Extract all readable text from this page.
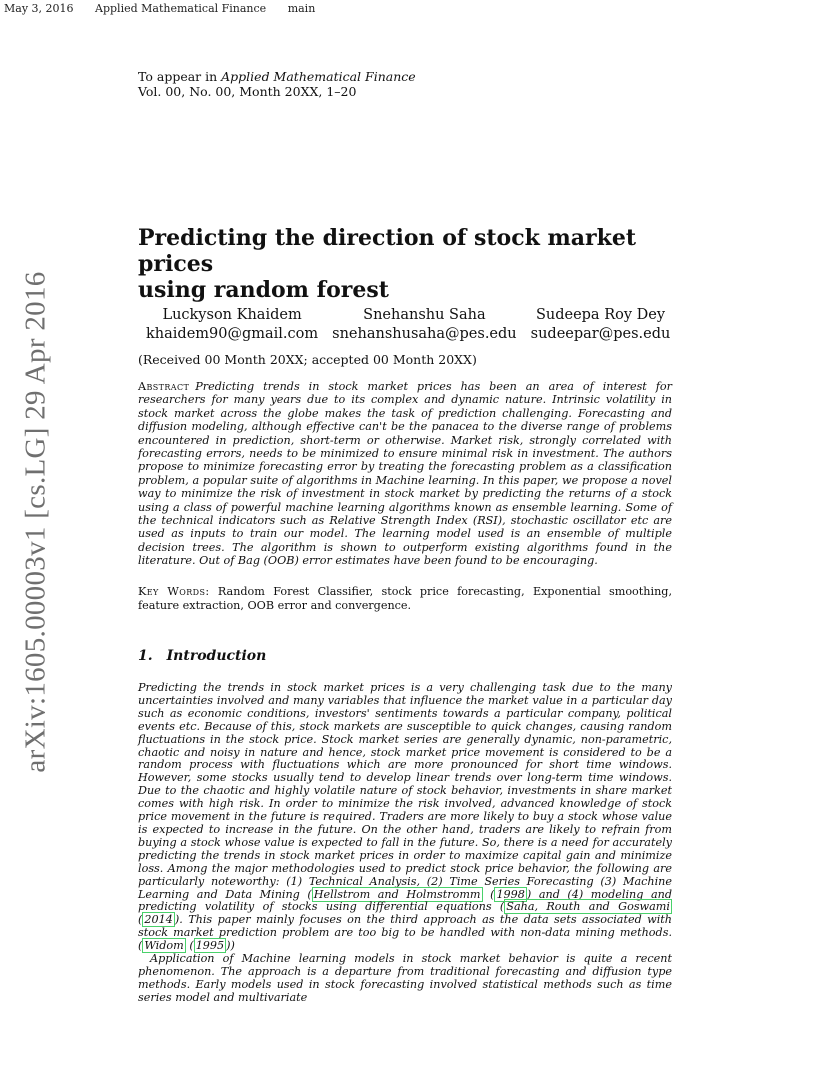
May 3, 2016 Applied Mathematical Finance main
arXiv:1605.00003v1 [cs.LG] 29 Apr 2016
To appear in Applied Mathematical Finance
Vol. 00, No. 00, Month 20XX, 1–20
Predicting the direction of stock market prices
using random forest
Luckyson Khaidem
khaidem90@gmail.com
Snehanshu Saha
snehanshusaha@pes.edu
Sudeepa Roy Dey
sudeepar@pes.edu
(Received 00 Month 20XX; accepted 00 Month 20XX)

Abstract Predicting trends in stock market prices has been an area of interest for researchers for many years due to its complex and dynamic nature. Intrinsic volatility in stock market across the globe makes the task of prediction challenging. Forecasting and diffusion modeling, although effective can't be the panacea to the diverse range of problems encountered in prediction, short-term or otherwise. Market risk, strongly correlated with forecasting errors, needs to be minimized to ensure minimal risk in investment. The authors propose to minimize forecasting error by treating the forecasting problem as a classification problem, a popular suite of algorithms in Machine learning. In this paper, we propose a novel way to minimize the risk of investment in stock market by predicting the returns of a stock using a class of powerful machine learning algorithms known as ensemble learning. Some of the technical indicators such as Relative Strength Index (RSI), stochastic oscillator etc are used as inputs to train our model. The learning model used is an ensemble of multiple decision trees. The algorithm is shown to outperform existing algorithms found in the literature. Out of Bag (OOB) error estimates have been found to be encouraging.

Key Words: Random Forest Classifier, stock price forecasting, Exponential smoothing, feature extraction, OOB error and convergence.

1. Introduction

Predicting the trends in stock market prices is a very challenging task due to the many uncertainties involved and many variables that influence the market value in a particular day such as economic conditions, investors' sentiments towards a particular company, political events etc. Because of this, stock markets are susceptible to quick changes, causing random fluctuations in the stock price. Stock market series are generally dynamic, non-parametric, chaotic and noisy in nature and hence, stock market price movement is considered to be a random process with fluctuations which are more pronounced for short time windows. However, some stocks usually tend to develop linear trends over long-term time windows. Due to the chaotic and highly volatile nature of stock behavior, investments in share market comes with high risk. In order to minimize the risk involved, advanced knowledge of stock price movement in the future is required. Traders are more likely to buy a stock whose value is expected to increase in the future. On the other hand, traders are likely to refrain from buying a stock whose value is expected to fall in the future. So, there is a need for accurately predicting the trends in stock market prices in order to maximize capital gain and minimize loss. Among the major methodologies used to predict stock price behavior, the following are particularly noteworthy: (1) Technical Analysis, (2) Time Series Forecasting (3) Machine Learning and Data Mining ( Hellstrom and Holmstromm ( 1998 ) and (4) modeling and predicting volatility of stocks using differential equations ( Saha, Routh and Goswami ( 2014 ). This paper mainly focuses on the third approach as the data sets associated with stock market prediction problem are too big to be handled with non-data mining methods. ( Widom ( 1995 ))

Application of Machine learning models in stock market behavior is quite a recent phenomenon. The approach is a departure from traditional forecasting and diffusion type methods. Early models used in stock forecasting involved statistical methods such as time series model and multivariate
